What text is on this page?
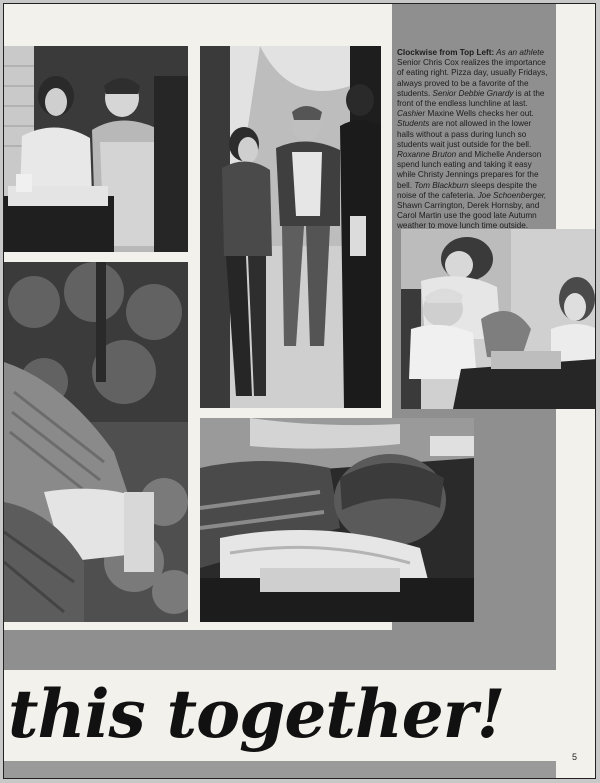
Clockwise from Top Left: As an athlete Senior Chris Cox realizes the importance of eating right. Pizza day, usually Fridays, always proved to be a favorite of the students. Senior Debbie Gnardy is at the front of the endless lunchline at last. Cashier Maxine Wells checks her out. Students are not allowed in the lower halls without a pass during lunch so students wait just outside for the bell. Roxanne Bruton and Michelle Anderson spend lunch eating and taking it easy while Christy Jennings prepares for the bell. Tom Blackburn sleeps despite the noise of the cafeteria. Joe Schoenberger, Shawn Carrington, Derek Hornsby, and Carol Martin use the good late Autumn weather to move lunch time outside.
this together!
5
